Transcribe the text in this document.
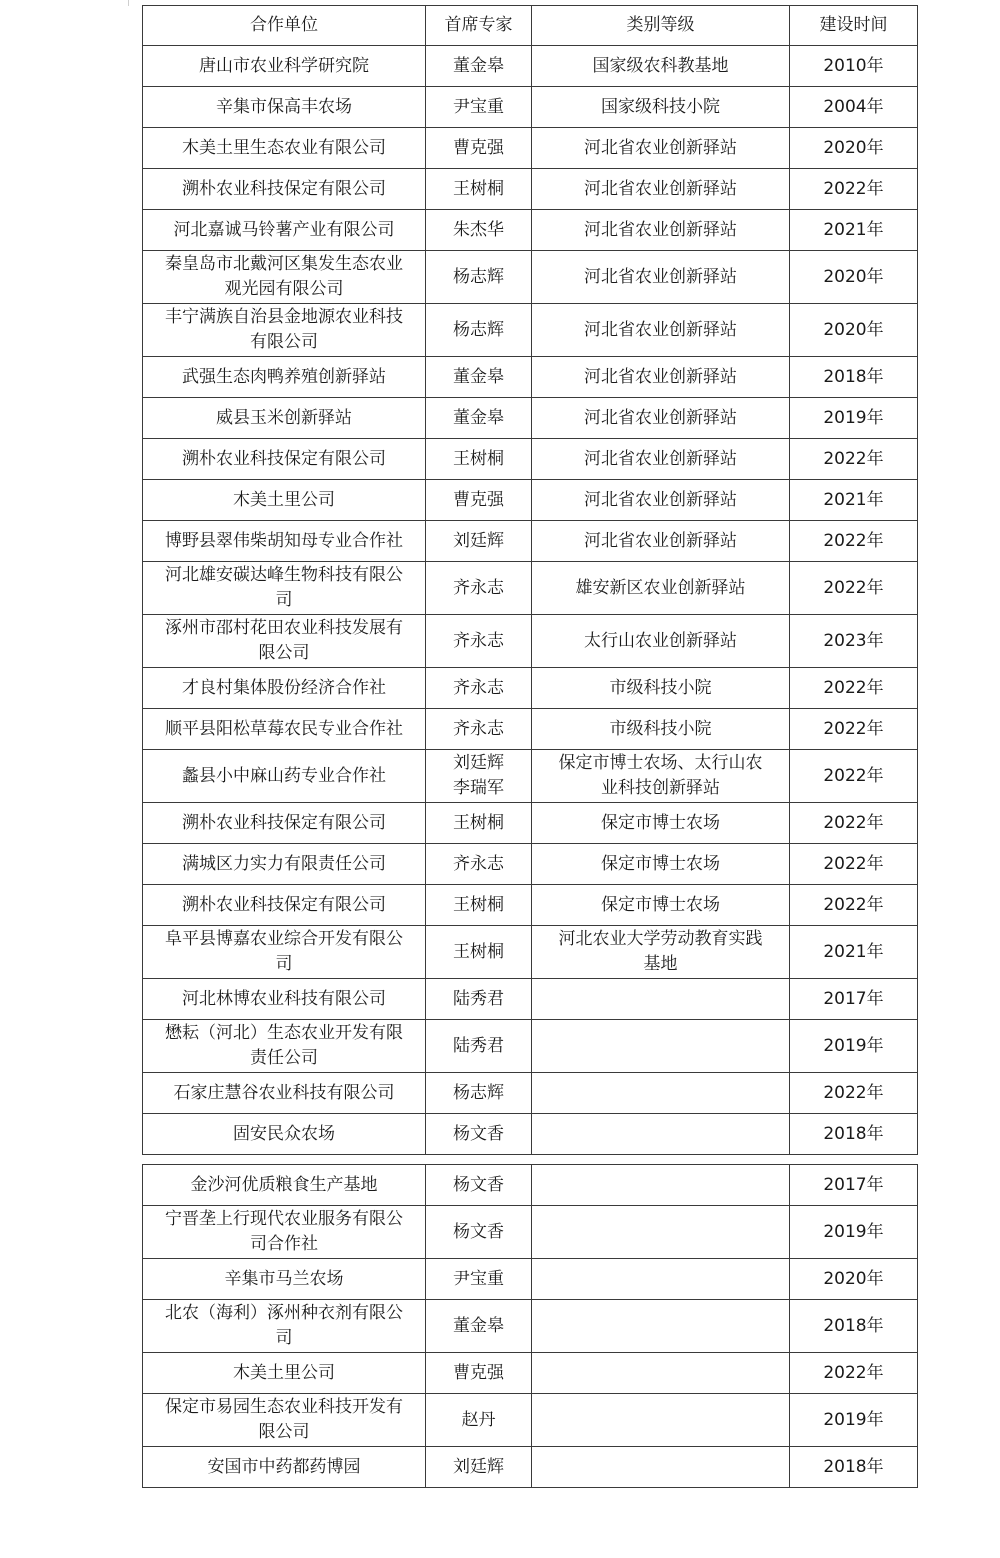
合作单位	首席专家	类别等级	建设时间

唐山市农业科学研究院	董金皋	国家级农科教基地	2010年

辛集市保高丰农场	尹宝重	国家级科技小院	2004年

木美土里生态农业有限公司	曹克强	河北省农业创新驿站	2020年

溯朴农业科技保定有限公司	王树桐	河北省农业创新驿站	2022年

河北嘉诚马铃薯产业有限公司	朱杰华	河北省农业创新驿站	2021年

秦皇岛市北戴河区集发生态农业
观光园有限公司	杨志辉	河北省农业创新驿站	2020年

丰宁满族自治县金地源农业科技
有限公司	杨志辉	河北省农业创新驿站	2020年

武强生态肉鸭养殖创新驿站	董金皋	河北省农业创新驿站	2018年

威县玉米创新驿站	董金皋	河北省农业创新驿站	2019年

溯朴农业科技保定有限公司	王树桐	河北省农业创新驿站	2022年

木美土里公司	曹克强	河北省农业创新驿站	2021年

博野县翠伟柴胡知母专业合作社	刘廷辉	河北省农业创新驿站	2022年

河北雄安碳达峰生物科技有限公
司	齐永志	雄安新区农业创新驿站	2022年

涿州市邵村花田农业科技发展有
限公司	齐永志	太行山农业创新驿站	2023年

才良村集体股份经济合作社	齐永志	市级科技小院	2022年

顺平县阳松草莓农民专业合作社	齐永志	市级科技小院	2022年

蠡县小中麻山药专业合作社	刘廷辉
李瑞军	保定市博士农场、太行山农
业科技创新驿站	2022年

溯朴农业科技保定有限公司	王树桐	保定市博士农场	2022年

满城区力实力有限责任公司	齐永志	保定市博士农场	2022年

溯朴农业科技保定有限公司	王树桐	保定市博士农场	2022年

阜平县博嘉农业综合开发有限公
司	王树桐	河北农业大学劳动教育实践
基地	2021年

河北林博农业科技有限公司	陆秀君		2017年

懋耘（河北）生态农业开发有限
责任公司	陆秀君		2019年

石家庄慧谷农业科技有限公司	杨志辉		2022年

固安民众农场	杨文香		2018年
金沙河优质粮食生产基地	杨文香		2017年

宁晋垄上行现代农业服务有限公
司合作社	杨文香		2019年

辛集市马兰农场	尹宝重		2020年

北农（海利）涿州种衣剂有限公
司	董金皋		2018年

木美土里公司	曹克强		2022年

保定市易园生态农业科技开发有
限公司	赵丹		2019年

安国市中药都药博园	刘廷辉		2018年
